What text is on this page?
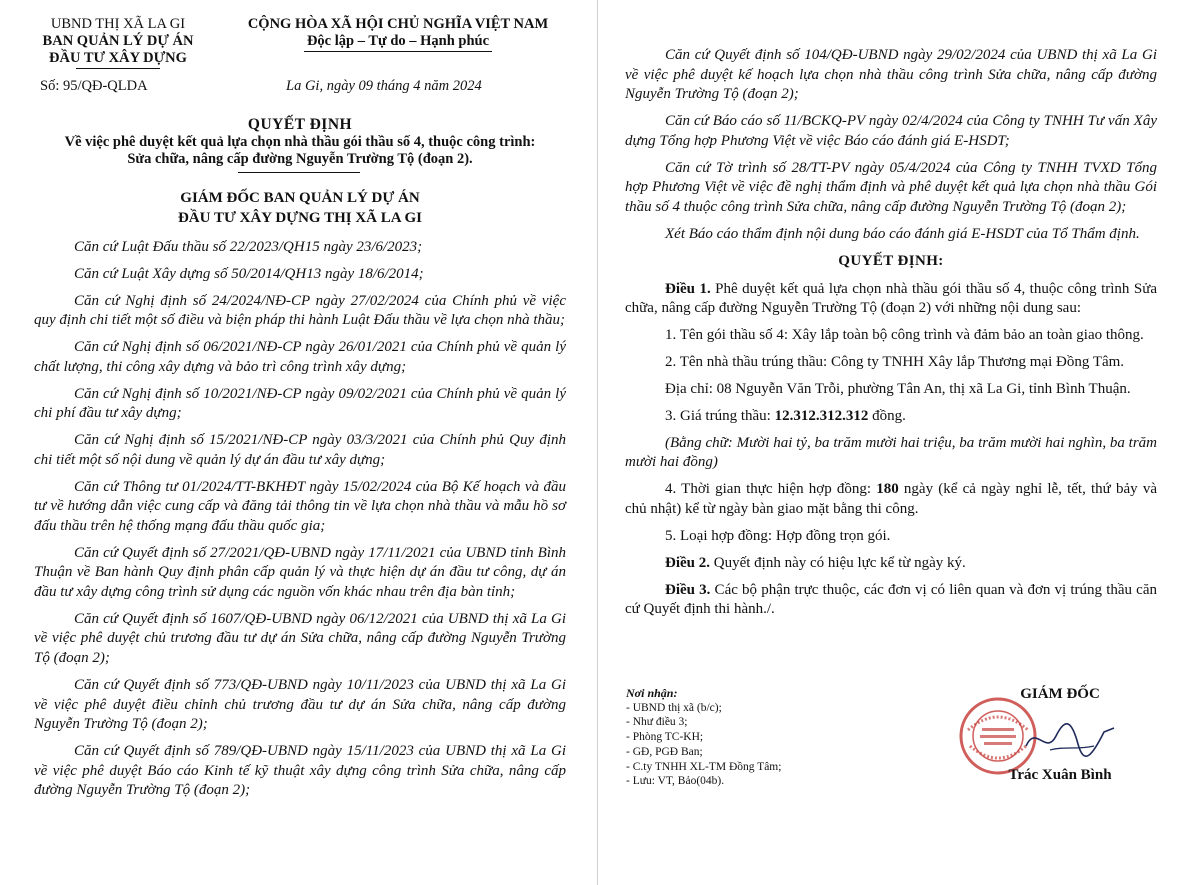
UBND THỊ XÃ LA GI
BAN QUẢN LÝ DỰ ÁN
ĐẦU TƯ XÂY DỰNG
CỘNG HÒA XÃ HỘI CHỦ NGHĨA VIỆT NAM
Độc lập – Tự do – Hạnh phúc
Số: 95/QĐ-QLDA	La Gi, ngày 09 tháng 4 năm 2024
QUYẾT ĐỊNH
Về việc phê duyệt kết quả lựa chọn nhà thầu gói thầu số 4, thuộc công trình:
Sửa chữa, nâng cấp đường Nguyễn Trường Tộ (đoạn 2).
GIÁM ĐỐC BAN QUẢN LÝ DỰ ÁN
ĐẦU TƯ XÂY DỰNG THỊ XÃ LA GI

Căn cứ Luật Đấu thầu số 22/2023/QH15 ngày 23/6/2023;

Căn cứ Luật Xây dựng số 50/2014/QH13 ngày 18/6/2014;

Căn cứ Nghị định số 24/2024/NĐ-CP ngày 27/02/2024 của Chính phủ về việc quy định chi tiết một số điều và biện pháp thi hành Luật Đấu thầu về lựa chọn nhà thầu;

Căn cứ Nghị định số 06/2021/NĐ-CP ngày 26/01/2021 của Chính phủ về quản lý chất lượng, thi công xây dựng và bảo trì công trình xây dựng;

Căn cứ Nghị định số 10/2021/NĐ-CP ngày 09/02/2021 của Chính phủ về quản lý chi phí đầu tư xây dựng;

Căn cứ Nghị định số 15/2021/NĐ-CP ngày 03/3/2021 của Chính phủ Quy định chi tiết một số nội dung về quản lý dự án đầu tư xây dựng;

Căn cứ Thông tư 01/2024/TT-BKHĐT ngày 15/02/2024 của Bộ Kế hoạch và đầu tư về hướng dẫn việc cung cấp và đăng tải thông tin về lựa chọn nhà thầu và mẫu hồ sơ đấu thầu trên hệ thống mạng đấu thầu quốc gia;

Căn cứ Quyết định số 27/2021/QĐ-UBND ngày 17/11/2021 của UBND tỉnh Bình Thuận về Ban hành Quy định phân cấp quản lý và thực hiện dự án đầu tư công, dự án đầu tư xây dựng công trình sử dụng các nguồn vốn khác nhau trên địa bàn tỉnh;

Căn cứ Quyết định số 1607/QĐ-UBND ngày 06/12/2021 của UBND thị xã La Gi về việc phê duyệt chủ trương đầu tư dự án Sửa chữa, nâng cấp đường Nguyễn Trường Tộ (đoạn 2);

Căn cứ Quyết định số 773/QĐ-UBND ngày 10/11/2023 của UBND thị xã La Gi về việc phê duyệt điều chỉnh chủ trương đầu tư dự án Sửa chữa, nâng cấp đường Nguyễn Trường Tộ (đoạn 2);

Căn cứ Quyết định số 789/QĐ-UBND ngày 15/11/2023 của UBND thị xã La Gi về việc phê duyệt Báo cáo Kinh tế kỹ thuật xây dựng công trình Sửa chữa, nâng cấp đường Nguyễn Trường Tộ (đoạn 2);

Căn cứ Quyết định số 104/QĐ-UBND ngày 29/02/2024 của UBND thị xã La Gi về việc phê duyệt kế hoạch lựa chọn nhà thầu công trình Sửa chữa, nâng cấp đường Nguyễn Trường Tộ (đoạn 2);

Căn cứ Báo cáo số 11/BCKQ-PV ngày 02/4/2024 của Công ty TNHH Tư vấn Xây dựng Tổng hợp Phương Việt về việc Báo cáo đánh giá E-HSDT;

Căn cứ Tờ trình số 28/TT-PV ngày 05/4/2024 của Công ty TNHH TVXD Tổng hợp Phương Việt về việc đề nghị thẩm định và phê duyệt kết quả lựa chọn nhà thầu Gói thầu số 4 thuộc công trình Sửa chữa, nâng cấp đường Nguyễn Trường Tộ (đoạn 2);

Xét Báo cáo thẩm định nội dung báo cáo đánh giá E-HSDT của Tổ Thẩm định.

QUYẾT ĐỊNH:

Điều 1. Phê duyệt kết quả lựa chọn nhà thầu gói thầu số 4, thuộc công trình Sửa chữa, nâng cấp đường Nguyễn Trường Tộ (đoạn 2) với những nội dung sau:

1. Tên gói thầu số 4: Xây lắp toàn bộ công trình và đảm bảo an toàn giao thông.

2. Tên nhà thầu trúng thầu: Công ty TNHH Xây lắp Thương mại Đồng Tâm.

Địa chỉ: 08 Nguyễn Văn Trỗi, phường Tân An, thị xã La Gi, tỉnh Bình Thuận.

3. Giá trúng thầu: 12.312.312.312 đồng.

(Bằng chữ: Mười hai tỷ, ba trăm mười hai triệu, ba trăm mười hai nghìn, ba trăm mười hai đồng)

4. Thời gian thực hiện hợp đồng: 180 ngày (kể cả ngày nghỉ lễ, tết, thứ bảy và chủ nhật) kể từ ngày bàn giao mặt bằng thi công.

5. Loại hợp đồng: Hợp đồng trọn gói.

Điều 2. Quyết định này có hiệu lực kể từ ngày ký.

Điều 3. Các bộ phận trực thuộc, các đơn vị có liên quan và đơn vị trúng thầu căn cứ Quyết định thi hành./.

Nơi nhận:
- UBND thị xã (b/c);
- Như điều 3;
- Phòng TC-KH;
- GĐ, PGĐ Ban;
- C.ty TNHH XL-TM Đồng Tâm;
- Lưu: VT, Bảo(04b).
GIÁM ĐỐC
Trác Xuân Bình
